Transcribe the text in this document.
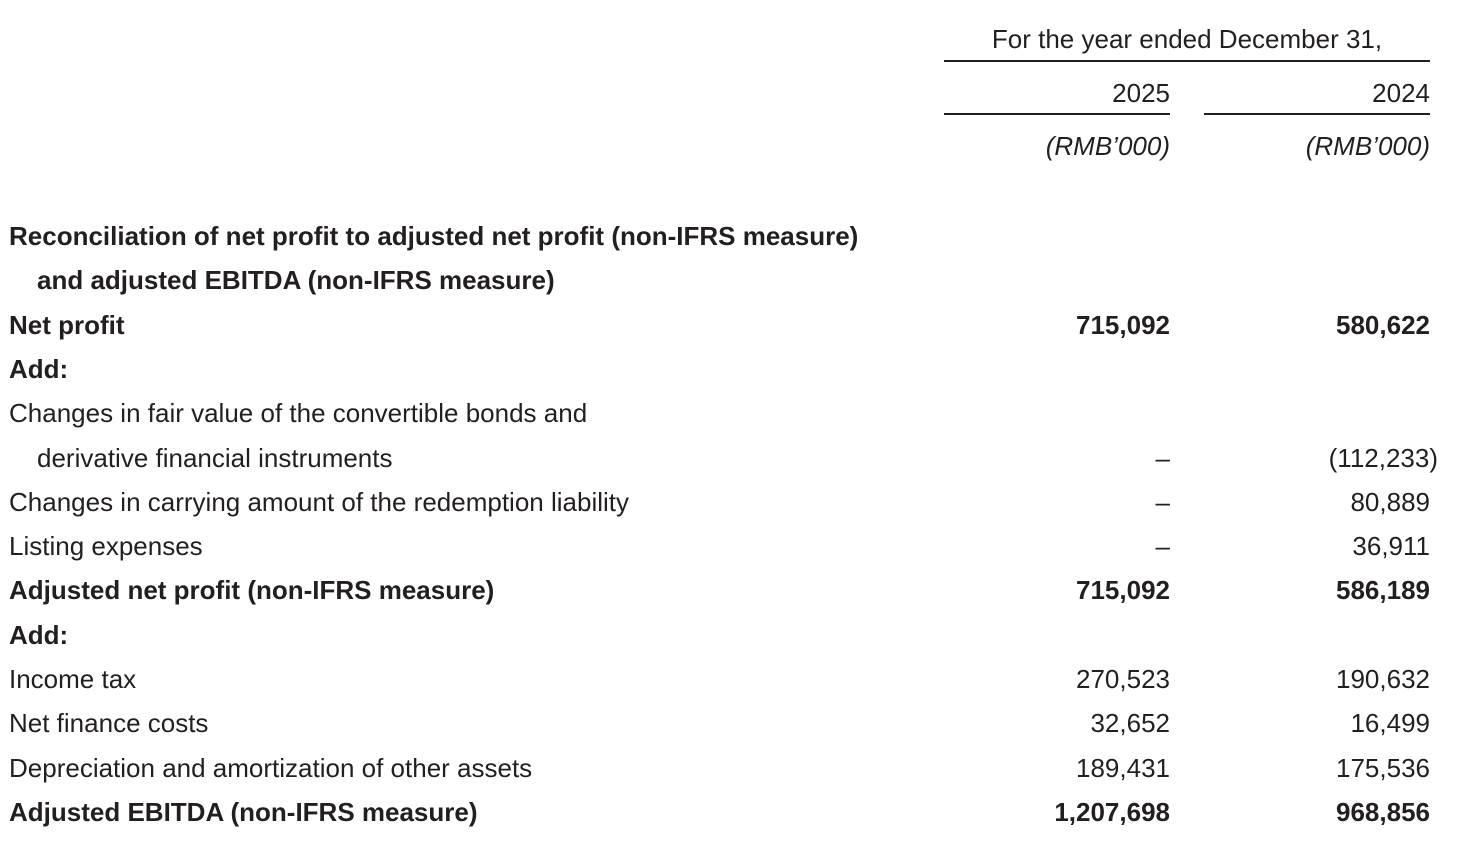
For the year ended December 31,
2025	2024
(RMB’000)	(RMB’000)
Reconciliation of net profit to adjusted net profit (non-IFRS measure)
and adjusted EBITDA (non-IFRS measure)
Net profit	715,092	580,622
Add:
Changes in fair value of the convertible bonds and
derivative financial instruments	–	(112,233)
Changes in carrying amount of the redemption liability	–	80,889
Listing expenses	–	36,911
Adjusted net profit (non-IFRS measure)	715,092	586,189
Add:
Income tax	270,523	190,632
Net finance costs	32,652	16,499
Depreciation and amortization of other assets	189,431	175,536
Adjusted EBITDA (non-IFRS measure)	1,207,698	968,856
